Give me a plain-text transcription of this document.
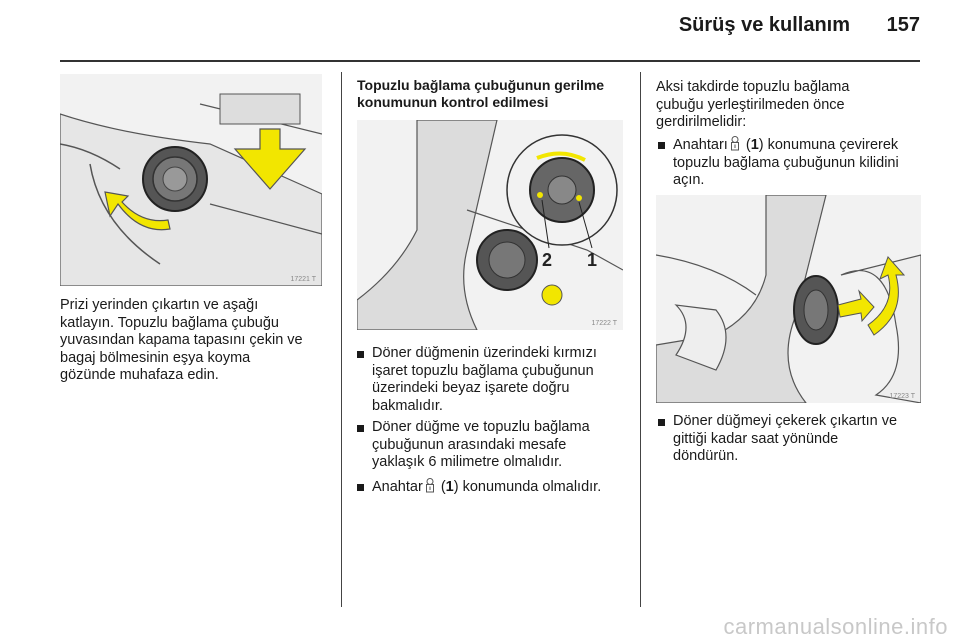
Sürüş ve kullanım 157
17221 T
Prizi yerinden çıkartın ve aşağı
katlayın. Topuzlu bağlama çubuğu
yuvasından kapama tapasını çekin ve
bagaj bölmesinin eşya koyma
gözünde muhafaza edin.
Topuzlu bağlama çubuğunun gerilme
konumunun kontrol edilmesi
2 1
17222 T
Döner düğmenin üzerindeki kırmızı
işaret topuzlu bağlama çubuğunun
üzerindeki beyaz işarete doğru
bakmalıdır.
Döner düğme ve topuzlu bağlama
çubuğunun arasındaki mesafe
yaklaşık 6 milimetre olmalıdır.
Anahtar (1) konumunda olmalıdır.
Aksi takdirde topuzlu bağlama
çubuğu yerleştirilmeden önce
gerdirilmelidir:
Anahtarı (1) konumuna çevirerek
topuzlu bağlama çubuğunun kilidini
açın.
17223 T
Döner düğmeyi çekerek çıkartın ve
gittiği kadar saat yönünde
döndürün.
carmanualsonline.info
